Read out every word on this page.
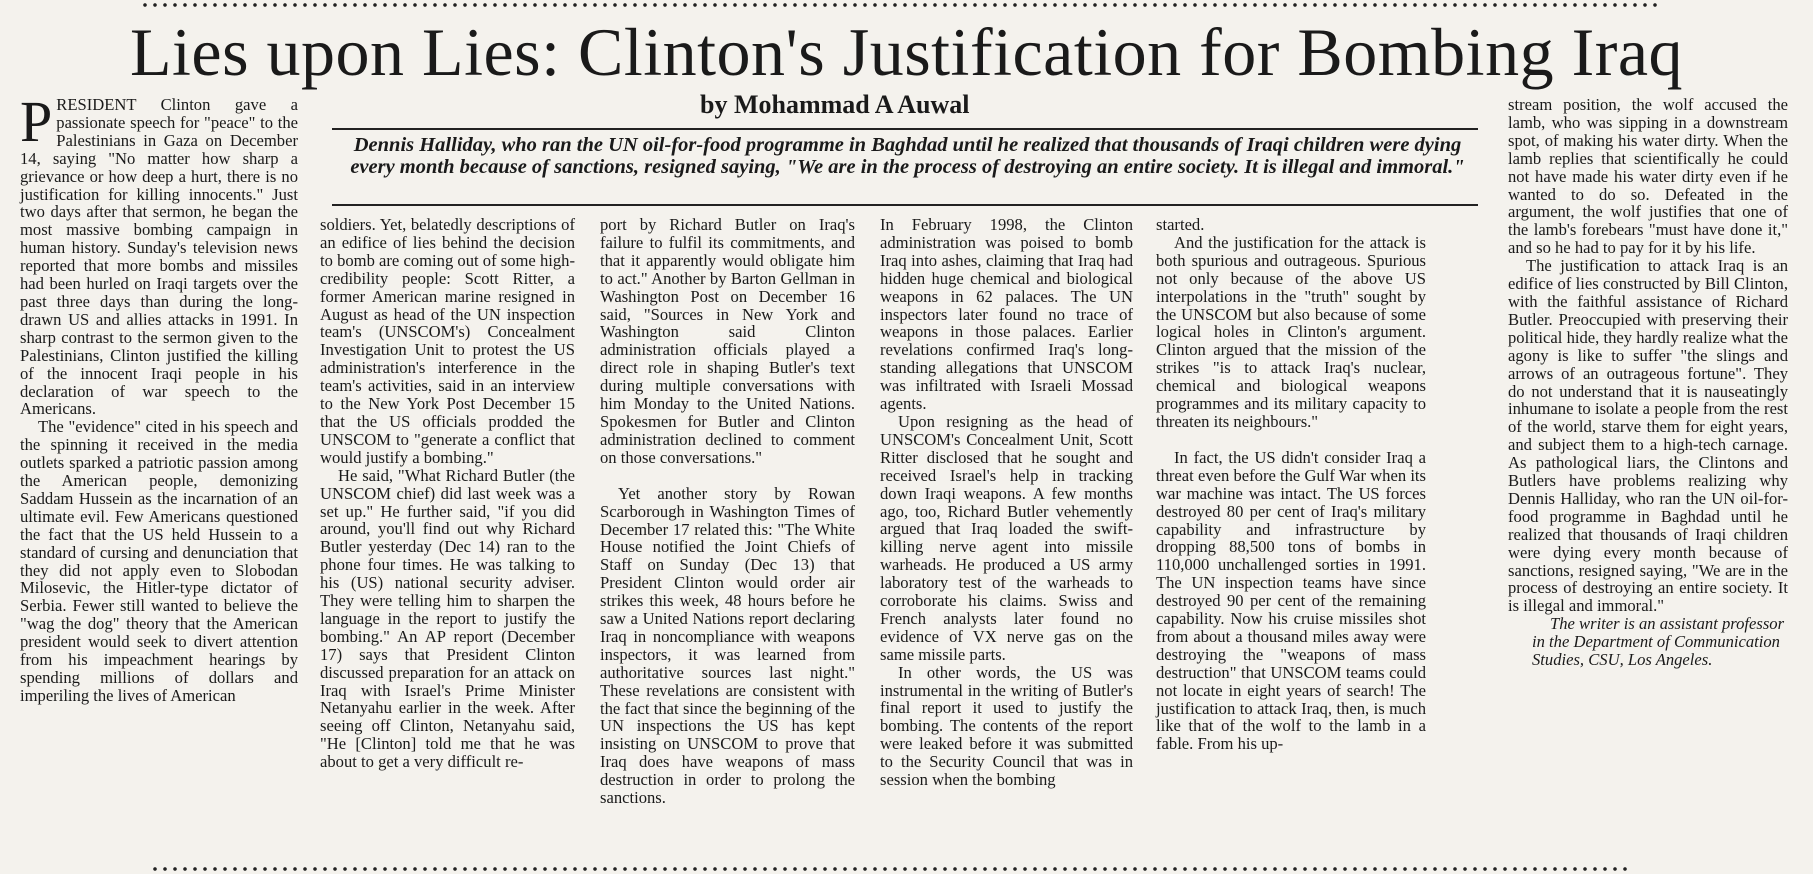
Lies upon Lies: Clinton's Justification for Bombing Iraq
by Mohammad A Auwal
Dennis Halliday, who ran the UN oil-for-food programme in Baghdad until he realized that thousands of Iraqi children were dying every month because of sanctions, resigned saying, "We are in the process of destroying an entire society. It is illegal and immoral."

PRESIDENT Clinton gave a passionate speech for "peace" to the Palestinians in Gaza on December 14, saying "No matter how sharp a grievance or how deep a hurt, there is no justification for killing innocents." Just two days after that sermon, he began the most massive bombing campaign in human history. Sunday's television news reported that more bombs and missiles had been hurled on Iraqi targets over the past three days than during the long-drawn US and allies attacks in 1991. In sharp contrast to the sermon given to the Palestinians, Clinton justified the killing of the innocent Iraqi people in his declaration of war speech to the Americans.

The "evidence" cited in his speech and the spinning it received in the media outlets sparked a patriotic passion among the American people, demonizing Saddam Hussein as the incarnation of an ultimate evil. Few Americans questioned the fact that the US held Hussein to a standard of cursing and denunciation that they did not apply even to Slobodan Milosevic, the Hitler-type dictator of Serbia. Fewer still wanted to believe the "wag the dog" theory that the American president would seek to divert attention from his impeachment hearings by spending millions of dollars and imperiling the lives of American

soldiers. Yet, belatedly descriptions of an edifice of lies behind the decision to bomb are coming out of some high-credibility people: Scott Ritter, a former American marine resigned in August as head of the UN inspection team's (UNSCOM's) Concealment Investigation Unit to protest the US administration's interference in the team's activities, said in an interview to the New York Post December 15 that the US officials prodded the UNSCOM to "generate a conflict that would justify a bombing."

He said, "What Richard Butler (the UNSCOM chief) did last week was a set up." He further said, "if you did around, you'll find out why Richard Butler yesterday (Dec 14) ran to the phone four times. He was talking to his (US) national security adviser. They were telling him to sharpen the language in the report to justify the bombing." An AP report (December 17) says that President Clinton discussed preparation for an attack on Iraq with Israel's Prime Minister Netanyahu earlier in the week. After seeing off Clinton, Netanyahu said, "He [Clinton] told me that he was about to get a very difficult re-

port by Richard Butler on Iraq's failure to fulfil its commitments, and that it apparently would obligate him to act." Another by Barton Gellman in Washington Post on December 16 said, "Sources in New York and Washington said Clinton administration officials played a direct role in shaping Butler's text during multiple conversations with him Monday to the United Nations. Spokesmen for Butler and Clinton administration declined to comment on those conversations."

Yet another story by Rowan Scarborough in Washington Times of December 17 related this: "The White House notified the Joint Chiefs of Staff on Sunday (Dec 13) that President Clinton would order air strikes this week, 48 hours before he saw a United Nations report declaring Iraq in noncompliance with weapons inspectors, it was learned from authoritative sources last night." These revelations are consistent with the fact that since the beginning of the UN inspections the US has kept insisting on UNSCOM to prove that Iraq does have weapons of mass destruction in order to prolong the sanctions.

In February 1998, the Clinton administration was poised to bomb Iraq into ashes, claiming that Iraq had hidden huge chemical and biological weapons in 62 palaces. The UN inspectors later found no trace of weapons in those palaces. Earlier revelations confirmed Iraq's long-standing allegations that UNSCOM was infiltrated with Israeli Mossad agents.

Upon resigning as the head of UNSCOM's Concealment Unit, Scott Ritter disclosed that he sought and received Israel's help in tracking down Iraqi weapons. A few months ago, too, Richard Butler vehemently argued that Iraq loaded the swift-killing nerve agent into missile warheads. He produced a US army laboratory test of the warheads to corroborate his claims. Swiss and French analysts later found no evidence of VX nerve gas on the same missile parts.

In other words, the US was instrumental in the writing of Butler's final report it used to justify the bombing. The contents of the report were leaked before it was submitted to the Security Council that was in session when the bombing

started.

And the justification for the attack is both spurious and outrageous. Spurious not only because of the above US interpolations in the "truth" sought by the UNSCOM but also because of some logical holes in Clinton's argument. Clinton argued that the mission of the strikes "is to attack Iraq's nuclear, chemical and biological weapons programmes and its military capacity to threaten its neighbours."

In fact, the US didn't consider Iraq a threat even before the Gulf War when its war machine was intact. The US forces destroyed 80 per cent of Iraq's military capability and infrastructure by dropping 88,500 tons of bombs in 110,000 unchallenged sorties in 1991. The UN inspection teams have since destroyed 90 per cent of the remaining capability. Now his cruise missiles shot from about a thousand miles away were destroying the "weapons of mass destruction" that UNSCOM teams could not locate in eight years of search! The justification to attack Iraq, then, is much like that of the wolf to the lamb in a fable. From his up-

stream position, the wolf accused the lamb, who was sipping in a downstream spot, of making his water dirty. When the lamb replies that scientifically he could not have made his water dirty even if he wanted to do so. Defeated in the argument, the wolf justifies that one of the lamb's forebears "must have done it," and so he had to pay for it by his life.

The justification to attack Iraq is an edifice of lies constructed by Bill Clinton, with the faithful assistance of Richard Butler. Preoccupied with preserving their political hide, they hardly realize what the agony is like to suffer "the slings and arrows of an outrageous fortune". They do not understand that it is nauseatingly inhumane to isolate a people from the rest of the world, starve them for eight years, and subject them to a high-tech carnage. As pathological liars, the Clintons and Butlers have problems realizing why Dennis Halliday, who ran the UN oil-for-food programme in Baghdad until he realized that thousands of Iraqi children were dying every month because of sanctions, resigned saying, "We are in the process of destroying an entire society. It is illegal and immoral."

The writer is an assistant professor in the Department of Communication Studies, CSU, Los Angeles.
